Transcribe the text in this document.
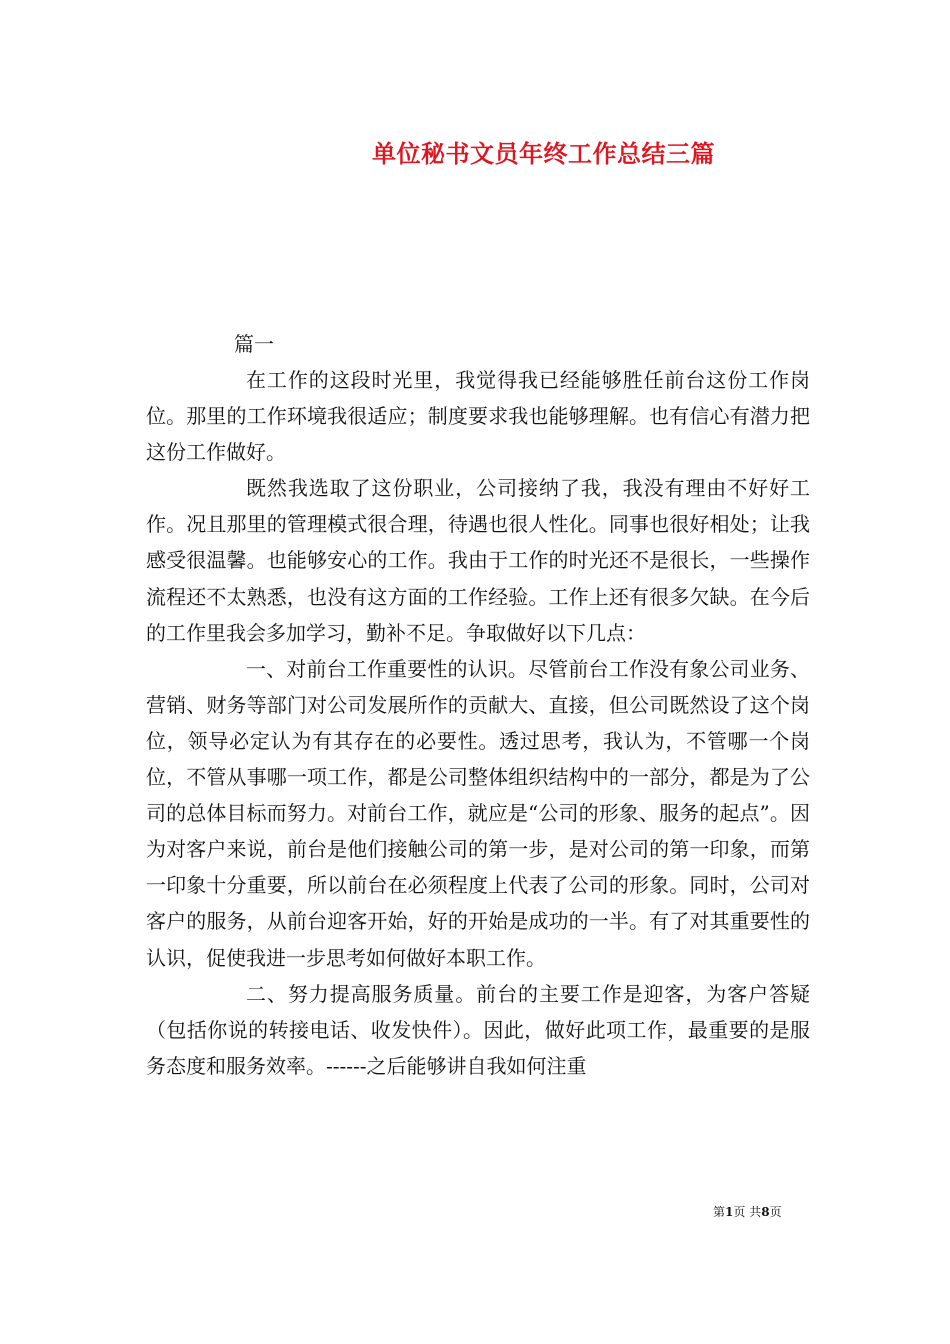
单位秘书文员年终工作总结三篇
篇一

在工作的这段时光里，我觉得我已经能够胜任前台这份工作岗位。那里的工作环境我很适应；制度要求我也能够理解。也有信心有潜力把这份工作做好。

既然我选取了这份职业，公司接纳了我，我没有理由不好好工作。况且那里的管理模式很合理，待遇也很人性化。同事也很好相处；让我感受很温馨。也能够安心的工作。我由于工作的时光还不是很长，一些操作流程还不太熟悉，也没有这方面的工作经验。工作上还有很多欠缺。在今后的工作里我会多加学习，勤补不足。争取做好以下几点：

一、对前台工作重要性的认识。尽管前台工作没有象公司业务、营销、财务等部门对公司发展所作的贡献大、直接，但公司既然设了这个岗位，领导必定认为有其存在的必要性。透过思考，我认为，不管哪一个岗位，不管从事哪一项工作，都是公司整体组织结构中的一部分，都是为了公司的总体目标而努力。对前台工作，就应是“公司的形象、服务的起点”。因为对客户来说，前台是他们接触公司的第一步，是对公司的第一印象，而第一印象十分重要，所以前台在必须程度上代表了公司的形象。同时，公司对客户的服务，从前台迎客开始，好的开始是成功的一半。有了对其重要性的认识，促使我进一步思考如何做好本职工作。

二、努力提高服务质量。前台的主要工作是迎客，为客户答疑（包括你说的转接电话、收发快件）。因此，做好此项工作，最重要的是服务态度和服务效率。------之后能够讲自我如何注重

第1页 共8页
